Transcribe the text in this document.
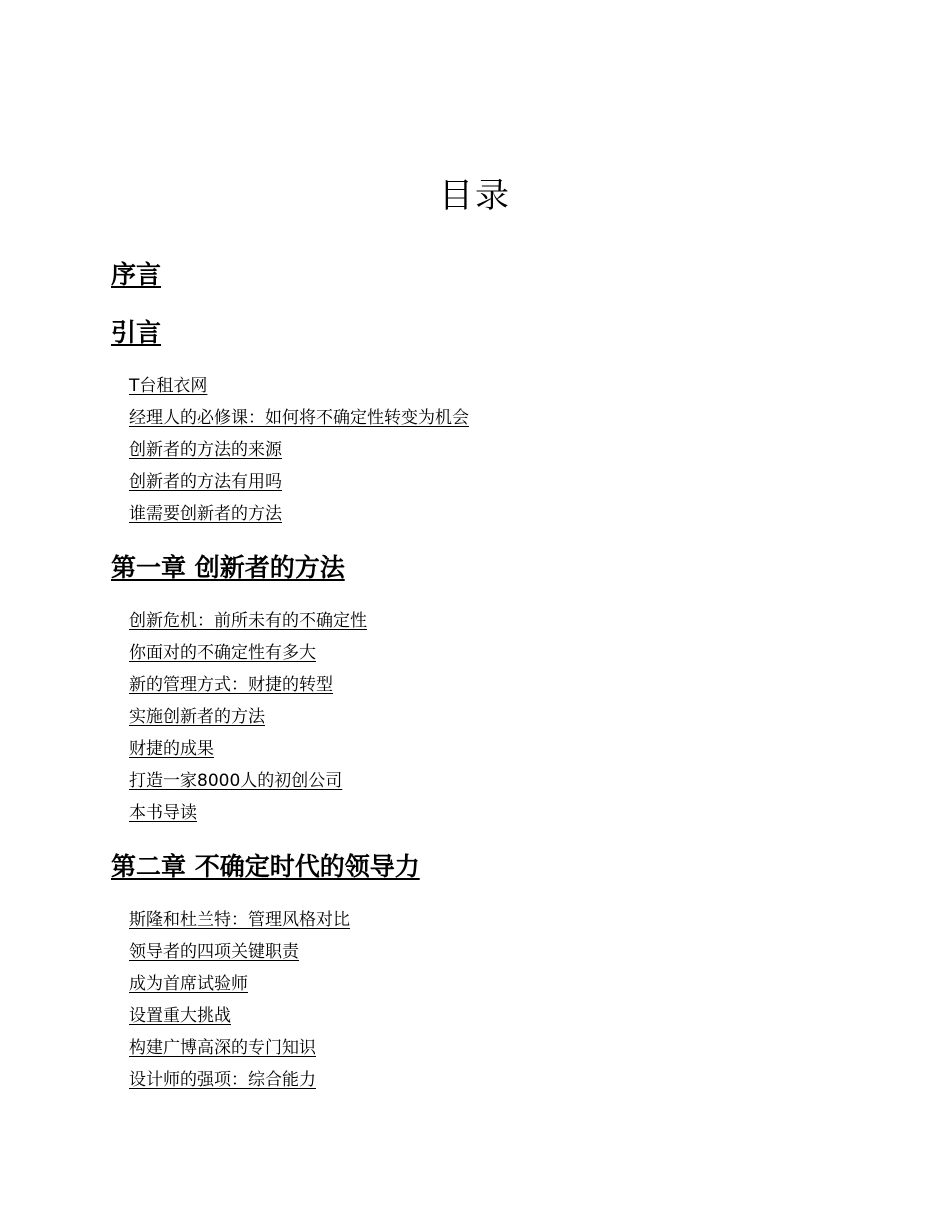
目录
序言
引言
T台租衣网
经理人的必修课：如何将不确定性转变为机会
创新者的方法的来源
创新者的方法有用吗
谁需要创新者的方法
第一章 创新者的方法
创新危机：前所未有的不确定性
你面对的不确定性有多大
新的管理方式：财捷的转型
实施创新者的方法
财捷的成果
打造一家8000人的初创公司
本书导读
第二章 不确定时代的领导力
斯隆和杜兰特：管理风格对比
领导者的四项关键职责
成为首席试验师
设置重大挑战
构建广博高深的专门知识
设计师的强项：综合能力
